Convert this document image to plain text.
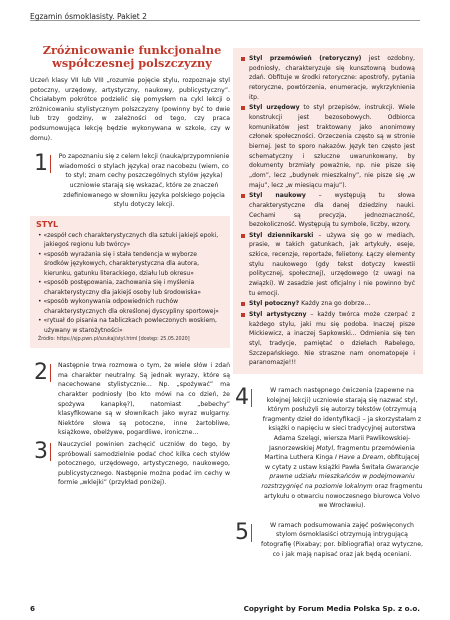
Egzamin ósmoklasisty. Pakiet 2
Zróżnicowanie funkcjonalne
współczesnej polszczyzny

Uczeń klasy VII lub VIII „rozumie pojęcie stylu, rozpoznaje styl potoczny, urzędowy, artystyczny, naukowy, publicystyczny”. Chciałabym pokrótce podzielić się pomysłem na cykl lekcji o zróżnicowaniu stylistycznym polszczyzny (powinny być to dwie lub trzy godziny, w zależności od tego, czy praca podsumowująca lekcję będzie wykonywana w szkole, czy w domu).

1 Po zapoznaniu się z celem lekcji (nauka/przypomnienie wiadomości o stylach języka) oraz nacobezu (wiem, co to styl; znam cechy poszczególnych stylów języka) uczniowie starają się wskazać, które ze znaczeń zdefiniowanego w słowniku języka polskiego pojęcia stylu dotyczy lekcji.

STYL

• «zespół cech charakterystycznych dla sztuki jakiejś epoki, jakiegoś regionu lub twórcy»

• «sposób wyrażania się i stała tendencja w wyborze środków językowych, charakterystyczna dla autora, kierunku, gatunku literackiego, działu lub okresu»

• «sposób postępowania, zachowania się i myślenia charakterystyczny dla jakiejś osoby lub środowiska»

• «sposób wykonywania odpowiednich ruchów charakterystycznych dla określonej dyscypliny sportowej»

• «rytuał do pisania na tabliczkach powleczonych woskiem, używany w starożytności»

Źródło: https://sjp.pwn.pl/szukaj/styl.html [dostęp: 25.05.2020]
2 Następnie trwa rozmowa o tym, że wiele słów i zdań ma charakter neutralny. Są jednak wyrazy, które są nacechowane stylistycznie... Np. „spożywać” ma charakter podniosły (bo kto mówi na co dzień, że spożywa kanapkę?), natomiast „bebechy” klasyfikowane są w słownikach jako wyraz wulgarny. Niektóre słowa są potoczne, inne żartobliwe, książkowe, obelżywe, pogardliwe, ironiczne...

3 Nauczyciel powinien zachęcić uczniów do tego, by spróbowali samodzielnie podać choć kilka cech stylów potocznego, urzędowego, artystycznego, naukowego, publicystycznego. Następnie można podać im cechy w formie „wklejki” (przykład poniżej).

Styl przemówień (retoryczny) jest ozdobny, podniosły, charakteryzuje się kunsztowną budową zdań. Obfituje w środki retoryczne: apostrofy, pytania retoryczne, powtórzenia, enumeracje, wykrzyknienia itp.

Styl urzędowy to styl przepisów, instrukcji. Wiele konstrukcji jest bezosobowych. Odbiorca komunikatów jest traktowany jako anonimowy członek społeczności. Orzeczenia często są w stronie biernej. Jest to sporo nakazów. Język ten często jest schematyczny i szluczne uwarunkowany, by dokumenty brzmiały poważnie, np. nie pisze się „dom”, lecz „budynek mieszkalny”, nie pisze się „w maju”, lecz „w miesiącu maju”).

Styl naukowy – występują tu słowa charakterystyczne dla danej dziedziny nauki. Cechami są precyzja, jednoznaczność, bezokoliczność. Występują tu symbole, liczby, wzory.

Styl dziennikarski – używa się go w mediach, prasie, w takich gatunkach, jak artykuły, eseje, szkice, recenzje, reportaże, felietony. Łączy elementy stylu naukowego (gdy tekst dotyczy kwestii politycznej, społecznej), urzędowego (z uwagi na związki). W zasadzie jest oficjalny i nie powinno być tu emocji.

Styl potoczny? Każdy zna go dobrze...

Styl artystyczny – każdy twórca może czerpać z każdego stylu, jaki mu się podoba. Inaczej pisze Mickiewicz, a inaczej Sapkowski... Odmienia się ten styl, tradycje, pamiętać o dziełach Rabelego, Szczepańskiego. Nie straszne nam onomatopeje i paranomazje!!!

4	W ramach następnego ćwiczenia (zapewne na kolejnej lekcji) uczniowie starają się nazwać styl, którym posłużyli się autorzy tekstów (otrzymują fragmenty dzieł do identyfikacji – ja skorzystałam z książki o napięciu w sieci tradycyjnej autorstwa Adama Szelągi, wiersza Marii Pawlikowskiej-Jasnorzewskiej Motyl, fragmentu przemówienia Martina Luthera Kinga I Have a Dream, obfitującej w cytaty z ustaw książki Pawła Świtała Gwarancje prawne udziału mieszkańców w podejmowaniu rozstrzygnięć na poziomie lokalnym oraz fragmentu artykułu o otwarciu nowoczesnego biurowca Volvo we Wrocławiu).

5	W ramach podsumowania zajęć poświęconych stylom ósmoklasiści otrzymują intrygującą fotografię (Pixabay; por. bibliografia) oraz wytyczne, co i jak mają napisać oraz jak będą oceniani.

6	Copyright by Forum Media Polska Sp. z o.o.
